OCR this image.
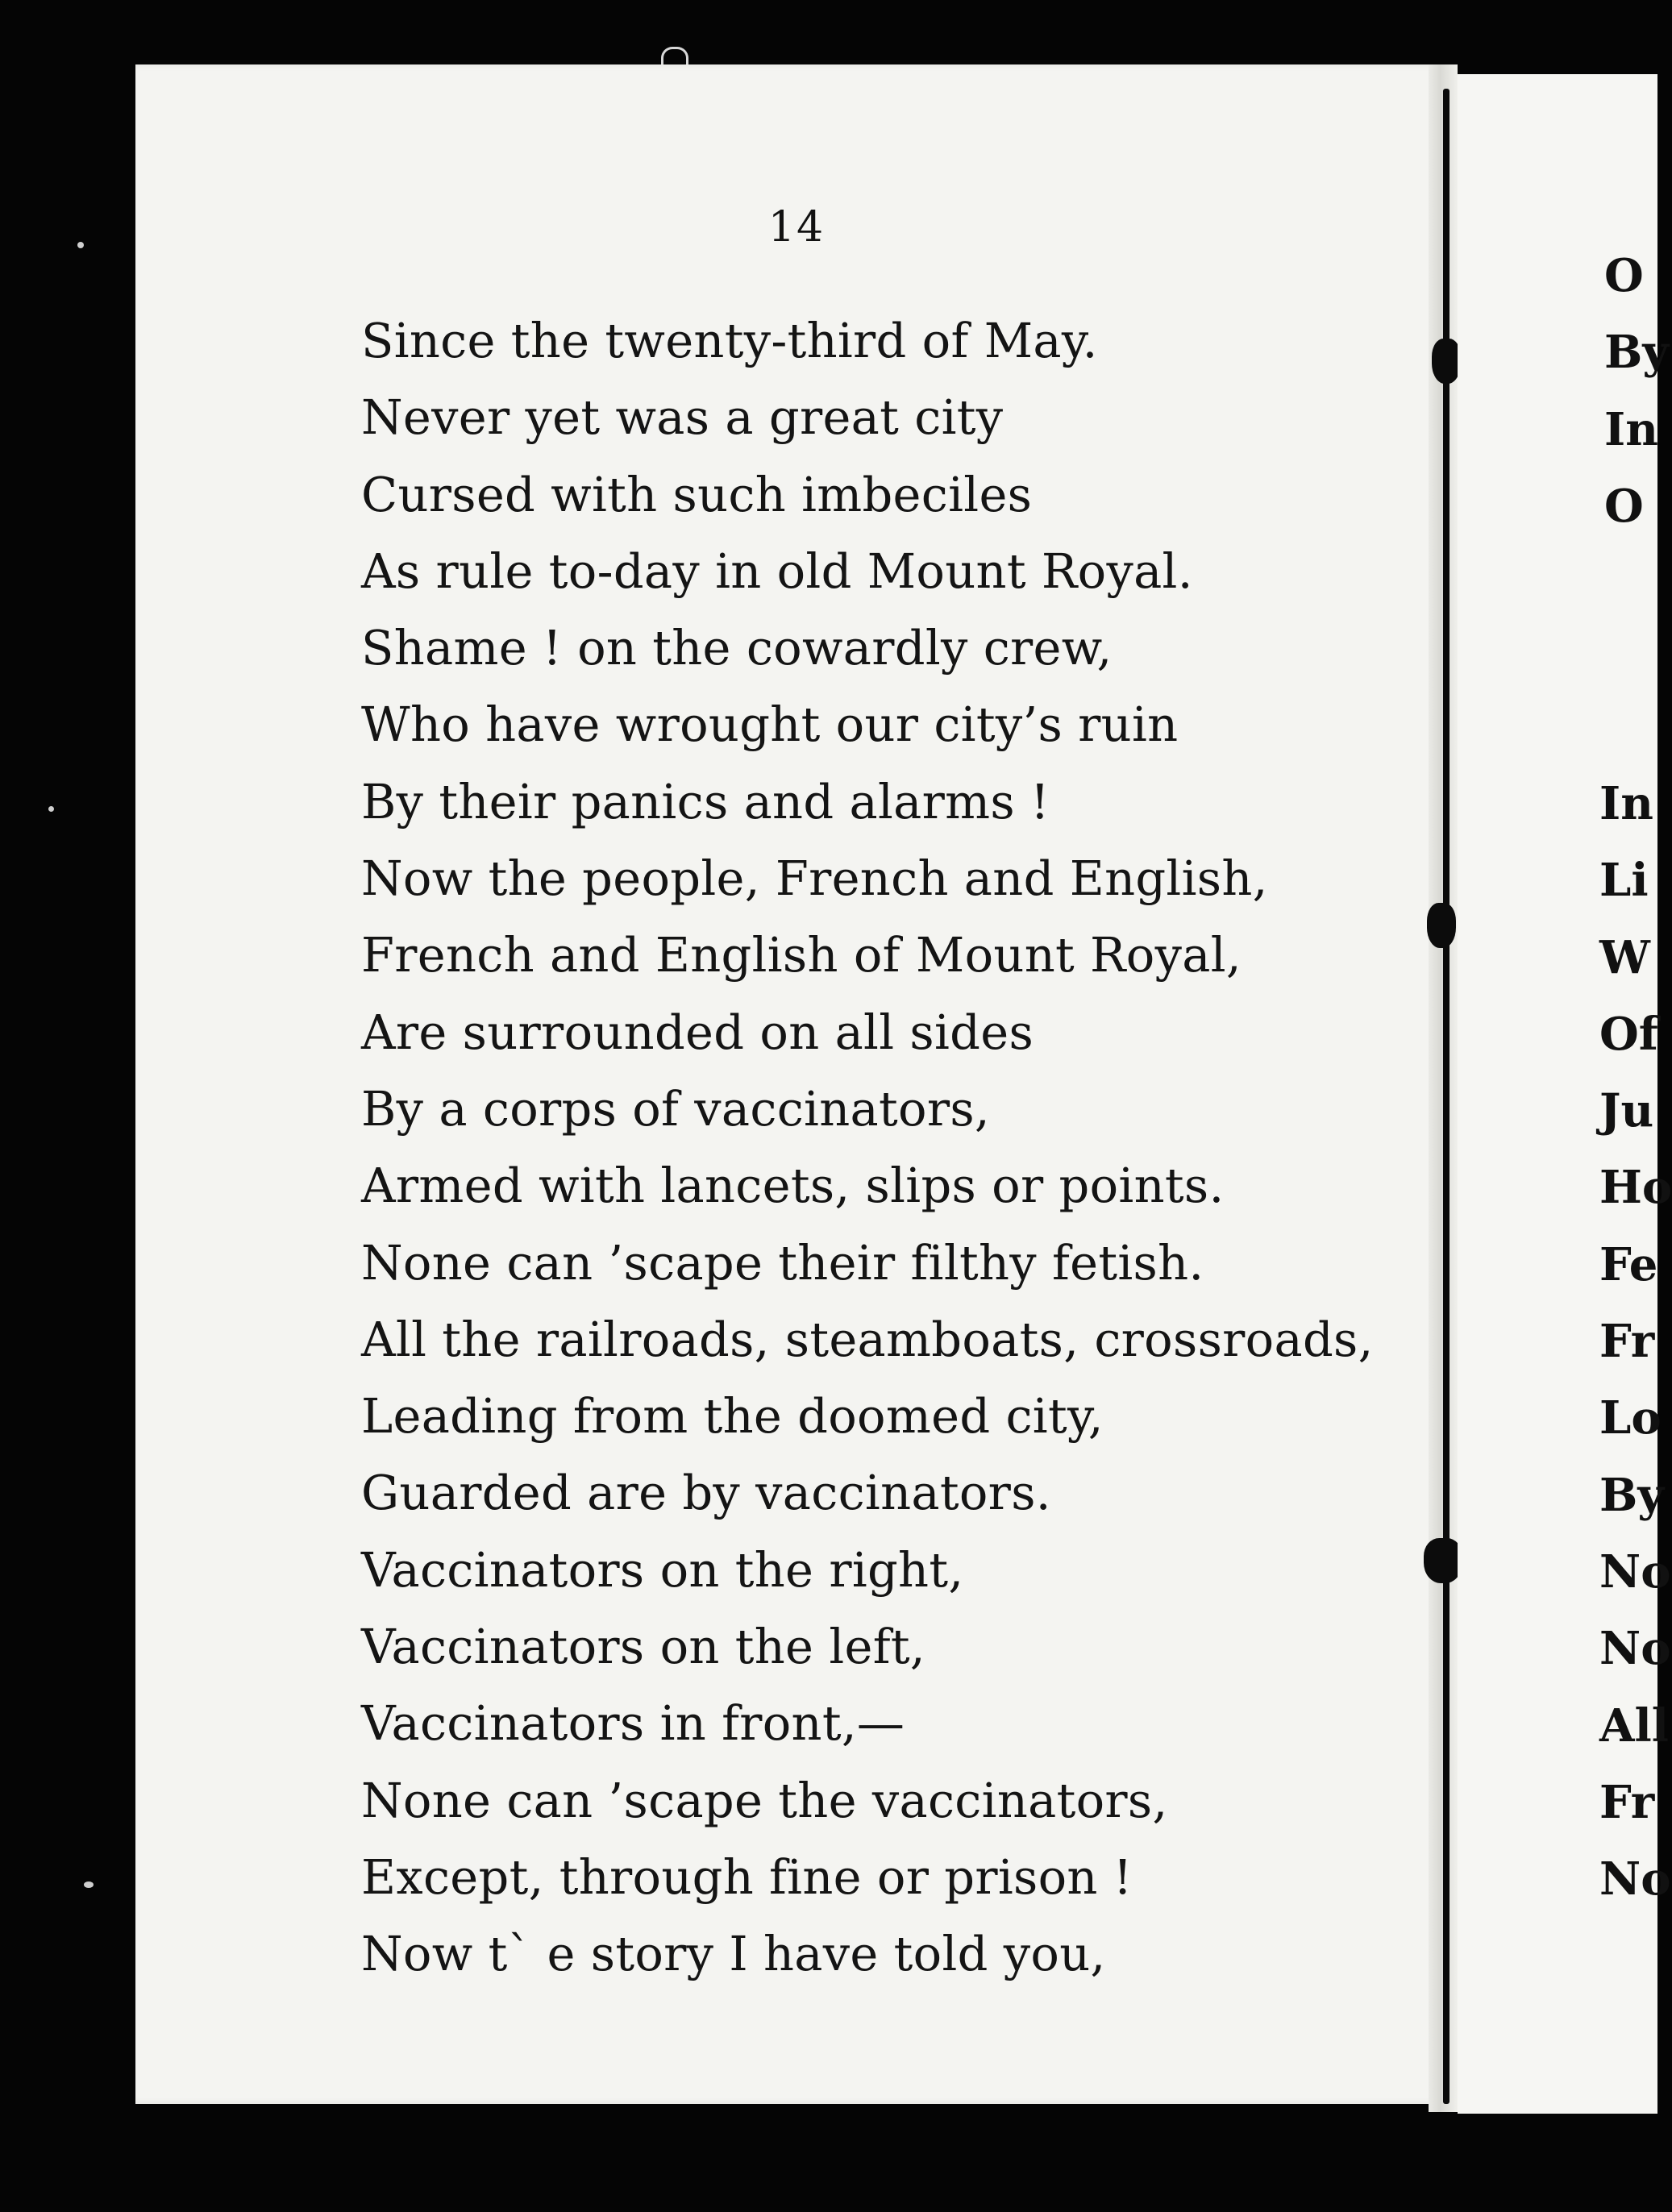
14
Since the twenty-third of May.
Never yet was a great city
Cursed with such imbeciles
As rule to-day in old Mount Royal.
Shame ! on the cowardly crew,
Who have wrought our city’s ruin
By their panics and alarms !
Now the people, French and English,
French and English of Mount Royal,
Are surrounded on all sides
By a corps of vaccinators,
Armed with lancets, slips or points.
None can ’scape their filthy fetish.
All the railroads, steamboats, crossroads,
Leading from the doomed city,
Guarded are by vaccinators.
Vaccinators on the right,
Vaccinators on the left,
Vaccinators in front,—
None can ’scape the vaccinators,
Except, through fine or prison !
Now t` e story I have told you,
O
By
In
O
In
Li
W
Of
Ju
Ho
Fe
Fr
Lo
By
No
No
All
Fr
No
